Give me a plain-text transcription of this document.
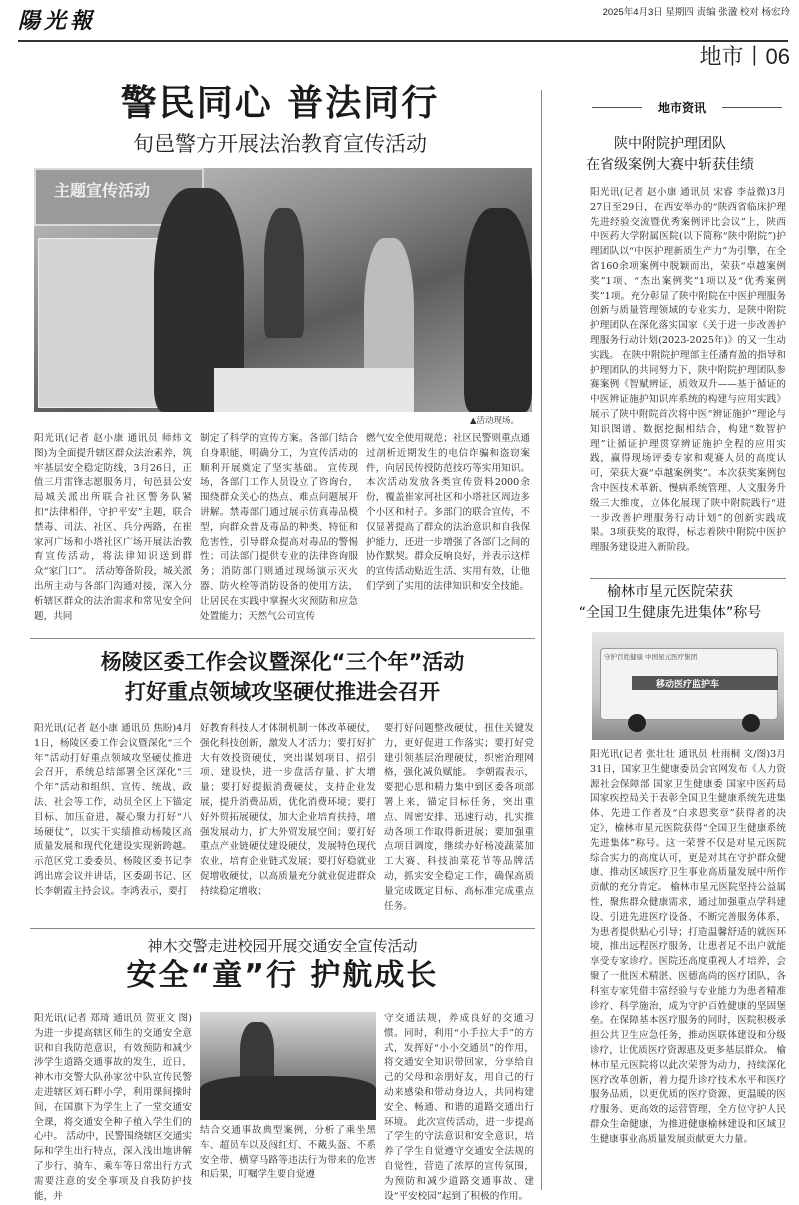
陽光報	2025年4月3日 星期四 责编 张溋 校对 杨宏玲
地市丨06
警民同心 普法同行
旬邑警方开展法治教育宣传活动
主题宣传活动
▲活动现场。
阳光讯(记者 赵小康 通讯员 师炜文 图)为全面提升辖区群众法治素养，筑牢基层安全稳定防线，3月26日，正值三月雷锋志愿服务月，旬邑县公安局城关派出所联合社区警务队紧扣“法律相伴，守护平安”主题，联合禁毒、司法、社区、兵分两路，在崔家河广场和小塔社区广场开展法治教育宣传活动，将法律知识送到群众“家门口”。 活动筹备阶段，城关派出所主动与各部门沟通对接，深入分析辖区群众的法治需求和常见安全问题，共同
制定了科学的宣传方案。各部门结合自身职能，明确分工，为宣传活动的顺利开展奠定了坚实基础。 宣传现场，各部门工作人员设立了咨询台，围绕群众关心的热点、难点问题展开讲解。禁毒部门通过展示仿真毒品模型，向群众普及毒品的种类、特征和危害性，引导群众提高对毒品的警惕性；司法部门提供专业的法律咨询服务；消防部门则通过现场演示灭火器、防火栓等消防设备的使用方法，让居民在实践中掌握火灾预防和应急处置能力；天然气公司宣传
燃气安全使用规范；社区民警则重点通过剖析近期发生的电信诈骗和盗窃案件，向居民传授防范技巧等实用知识。 本次活动发放各类宣传资料2000余份，覆盖崔家河社区和小塔社区周边多个小区和村子。多部门的联合宣传，不仅显著提高了群众的法治意识和自我保护能力，还进一步增强了各部门之间的协作默契。群众反响良好，并表示这样的宣传活动贴近生活、实用有效，让他们学到了实用的法律知识和安全技能。
杨陵区委工作会议暨深化“三个年”活动
打好重点领域攻坚硬仗推进会召开
阳光讯(记者 赵小康 通讯员 焦盼)4月1日，杨陵区委工作会议暨深化“三个年”活动打好重点领域攻坚硬仗推进会召开，系统总结部署全区深化“三个年”活动和组织、宣传、统战、政法、社会等工作，动员全区上下锚定目标、加压奋进，凝心聚力打好“八场硬仗”，以实干实绩推动杨陵区高质量发展和现代化建设实现新跨越。 示范区党工委委员、杨陵区委书记李鸿出席会议并讲话，区委副书记、区长李朝霞主持会议。李鸿表示，要打
好教育科技人才体制机制一体改革硬仗，强化科技创新，激发人才活力；要打好扩大有效投资硬仗，突出谋划项目、招引项、建设快，进一步盘活存量、扩大增量；要打好提振消费硬仗，支持企业发展，提升消费品质，优化消费环境；要打好外贸拓展硬仗，加大企业培育扶持，增强发展动力，扩大外贸发展空间；要打好重点产业链硬仗建设硬仗，发展特色现代农业，培育企业链式发展；要打好稳就业促增收硬仗，以高质量充分就业促进群众持续稳定增收；
要打好问题整改硬仗，扭住关键发力，更好促进工作落实；要打好党建引领基层治理硬仗，织密治理网格，强化减负赋能。 李朝霞表示，要把心思和精力集中到区委各项部署上来，锚定目标任务，突出重点、周密安排、迅速行动，扎实推动各项工作取得新进展；要加强重点项目调度，继续办好杨凌蔬菜加工大赛、科技油菜花节等品牌活动，抓实安全稳定工作，确保高质量完成既定目标、高标准完成重点任务。
神木交警走进校园开展交通安全宣传活动
安全“童”行 护航成长
阳光讯(记者 郑琦 通讯员 贺亚文 图)为进一步提高辖区师生的交通安全意识和自我防范意识，有效预防和减少涉学生道路交通事故的发生，近日，神木市交警大队孙家岔中队宣传民警走进辖区刘石畔小学，利用课间操时间，在国旗下为学生上了一堂交通安全课，将交通安全种子植入学生们的心中。 活动中，民警围绕辖区交通实际和学生出行特点，深入浅出地讲解了步行、骑车、乘车等日常出行方式需要注意的安全事项及自我防护技能，并
结合交通事故典型案例，分析了乘坐黑车、超员车以及闯红灯、不戴头盔、不系安全带、横穿马路等违法行为带来的危害和后果，叮嘱学生要自觉遵
守交通法规，养成良好的交通习惯。同时，利用“小手拉大手”的方式，发挥好“小小交通员”的作用，将交通安全知识带回家，分享给自己的父母和亲朋好友，用自己的行动来感染和带动身边人，共同构建安全、畅通、和谐的道路交通出行环境。 此次宣传活动，进一步提高了学生的守法意识和安全意识，培养了学生自觉遵守交通安全法规的自觉性，营造了浓厚的宣传氛围，为预防和减少道路交通事故、建设“平安校园”起到了积极的作用。
地市资讯
陕中附院护理团队
在省级案例大赛中斩获佳绩
阳光讯(记者 赵小康 通讯员 宋睿 李益微)3月27日至29日，在西安举办的“陕西省临床护理先进经验交流暨优秀案例评比会议”上，陕西中医药大学附属医院(以下简称“陕中附院”)护理团队以“中医护理新质生产力”为引擎，在全省160余项案例中脱颖而出，荣获“卓越案例奖”1项、“杰出案例奖”1项以及“优秀案例奖”1项。充分彰显了陕中附院在中医护理服务创新与质量管理领域的专业实力，是陕中附院护理团队在深化落实国家《关于进一步改善护理服务行动计划(2023-2025年)》的又一生动实践。 在陕中附院护理部主任潘育盈的指导和护理团队的共同努力下，陕中附院护理团队参赛案例《智赋辨证，质效双升——基于循证的中医辨证施护知识库系统的构建与应用实践》展示了陕中附院首次将中医“辨证施护”理论与知识图谱、数据挖掘相结合，构建“数智护理”让循证护理贯穿辨证施护全程的应用实践，赢得现场评委专家和观赛人员的高度认可，荣获大赛“卓越案例奖”。本次获奖案例包含中医技术革新、慢病系统管理、人文服务升级三大维度，立体化展现了陕中附院践行“进一步改善护理服务行动计划”的创新实践成果。3项获奖的取得，标志着陕中附院中医护理服务建设进入新阶段。
榆林市星元医院荣获
“全国卫生健康先进集体”称号
守护百姓健康 中国星元医疗集团
移动医疗监护车
阳光讯(记者 张壮壮 通讯员 杜雨桐 文/图)3月31日，国家卫生健康委员会官网发布《人力资源社会保障部 国家卫生健康委 国家中医药局 国家疾控局关于表彰全国卫生健康系统先进集体、先进工作者及“白求恩奖章”获得者的决定》，榆林市星元医院获得“全国卫生健康系统先进集体”称号。这一荣誉不仅是对星元医院综合实力的高度认可，更是对其在守护群众健康、推动区域医疗卫生事业高质量发展中所作贡献的充分肯定。 榆林市星元医院坚持公益属性，聚焦群众健康需求，通过加强重点学科建设、引进先进医疗设备、不断完善服务体系，为患者提供贴心引导；打造温馨舒适的就医环境，推出远程医疗服务，让患者足不出户就能享受专家诊疗。医院还高度重视人才培养，会聚了一批医术精湛、医德高尚的医疗团队，各科室专家凭借丰富经验与专业能力为患者精准诊疗、科学施治，成为守护百姓健康的坚固堡垒。在保障基本医疗服务的同时，医院积极承担公共卫生应急任务，推动医联体建设和分级诊疗，让优质医疗资源惠及更多基层群众。 榆林市星元医院将以此次荣誉为动力，持续深化医疗改革创新，着力提升诊疗技术水平和医疗服务品质，以更优质的医疗资源、更温暖的医疗服务、更高效的运营管理，全方位守护人民群众生命健康，为推进健康榆林建设和区域卫生健康事业高质量发展贡献更大力量。
